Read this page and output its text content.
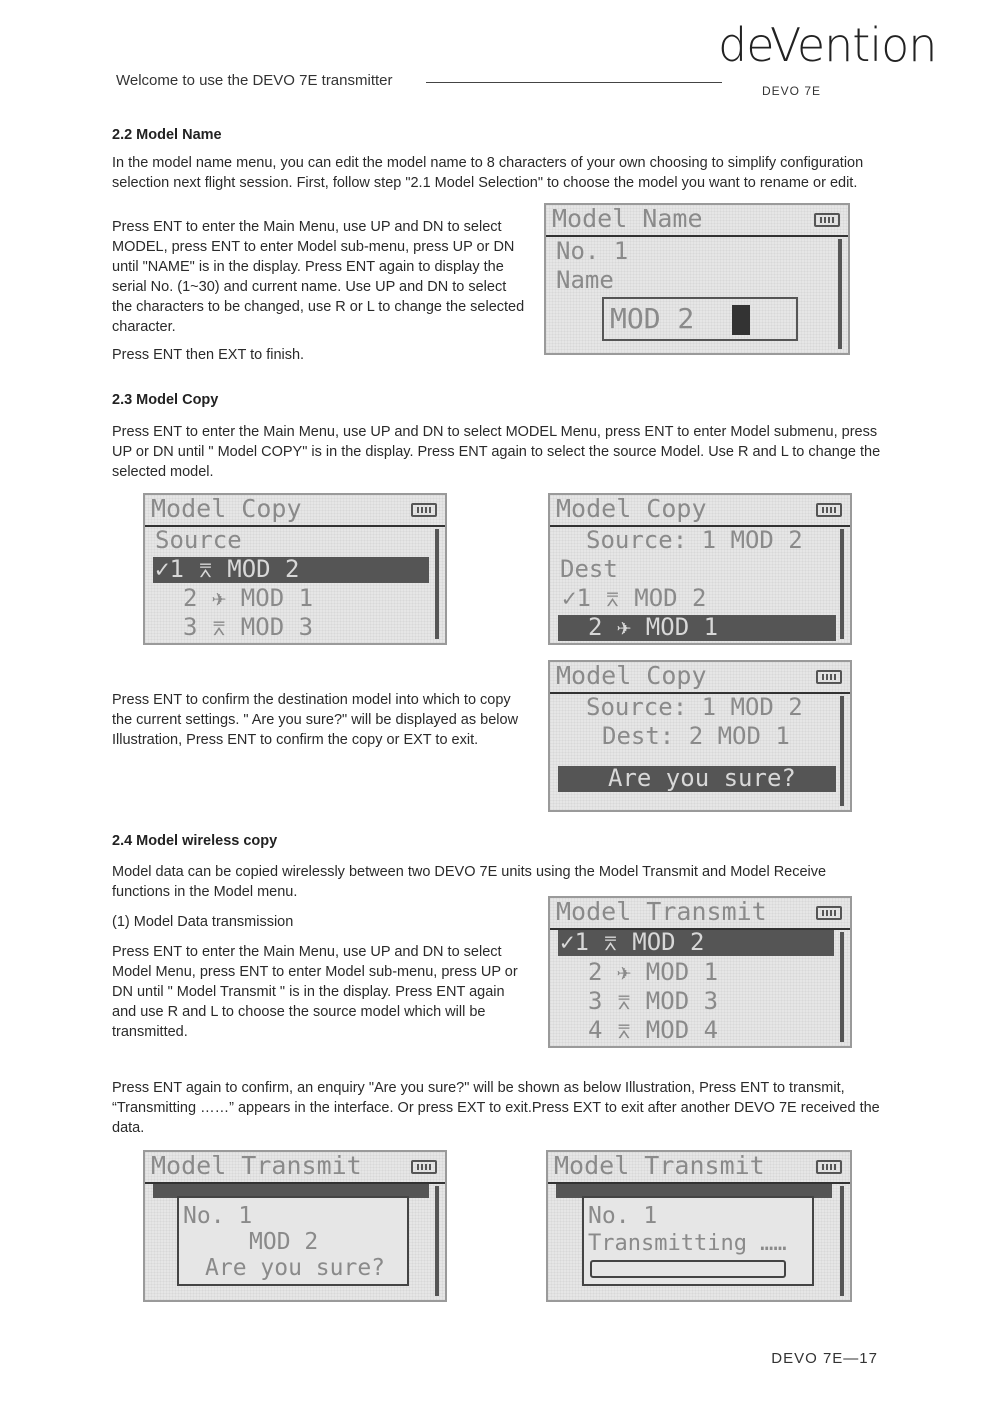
Welcome to use the DEVO 7E transmitter
deVention
DEVO 7E
2.2 Model Name

In the model name menu, you can edit the model name to 8 characters of your own choosing to simplify configuration selection next flight session. First, follow step "2.1 Model Selection" to choose the model you want to rename or edit.

Press ENT to enter the Main Menu, use UP and DN to select MODEL, press ENT to enter Model sub-menu, press UP or DN until "NAME" is in the display. Press ENT again to display the serial No. (1~30) and current name. Use UP and DN to select the characters to be changed, use R or L to change the selected character.

Press ENT then EXT to finish.

Model Name
No. 1
Name
MOD 2
2.3 Model Copy

Press ENT to enter the Main Menu, use UP and DN to select MODEL Menu, press ENT to enter Model submenu, press UP or DN until " Model COPY" is in the display. Press ENT again to select the source Model. Use R and L to change the selected model.

Model Copy
Source
✓1 ⌆ MOD 2
2 ✈ MOD 1
3 ⌆ MOD 3
Model Copy
Source: 1 MOD 2
Dest
✓1 ⌆ MOD 2
2 ✈ MOD 1

Press ENT to confirm the destination model into which to copy the current settings. " Are you sure?" will be displayed as below Illustration, Press ENT to confirm the copy or EXT to exit.

Model Copy
Source: 1 MOD 2
Dest: 2 MOD 1
Are you sure?
2.4 Model wireless copy

Model data can be copied wirelessly between two DEVO 7E units using the Model Transmit and Model Receive functions in the Model menu.

(1) Model Data transmission

Press ENT to enter the Main Menu, use UP and DN to select Model Menu, press ENT to enter Model sub-menu, press UP or DN until " Model Transmit " is in the display. Press ENT again and use R and L to choose the source model which will be transmitted.

Model Transmit
✓1 ⌆ MOD 2
2 ✈ MOD 1
3 ⌆ MOD 3
4 ⌆ MOD 4

Press ENT again to confirm, an enquiry "Are you sure?" will be shown as below Illustration, Press ENT to transmit, “Transmitting ……” appears in the interface. Or press EXT to exit.Press EXT to exit after another DEVO 7E received the data.

Model Transmit
No. 1
MOD 2
Are you sure?
Model Transmit
No. 1
Transmitting ……
DEVO 7E—17
